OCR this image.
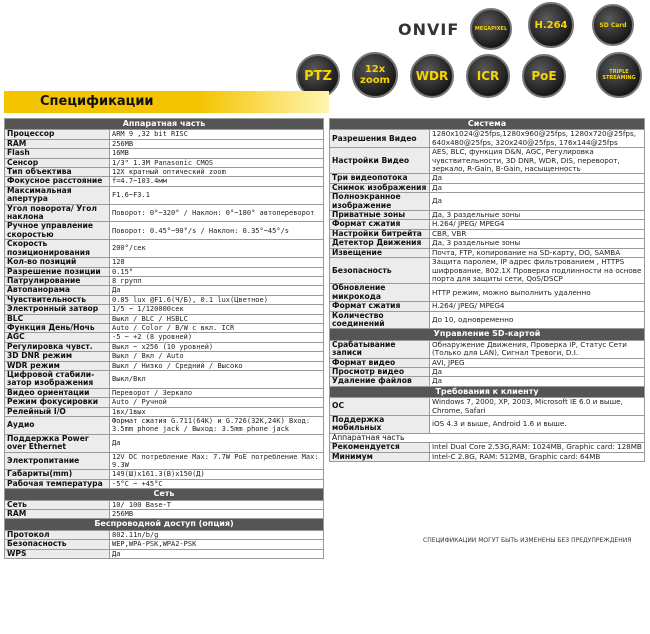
ONVIF	MEGAPIXEL	H.264	SD Card
PTZ	12x zoom	WDR ICR	PoE	TRIPLE STREAMING
Спецификации
Аппаратная часть	
Процессор	ARM 9 ,32 bit RISC
RAM	256MB
Flash	16MB
Сенсор	1/3" 1.3M Panasonic CMOS
Тип объектива	12X кратный оптический zoom
Фокусное расстояние	f=4.7~103.4мм
Максимальная апертура	F1.6~F3.1
Угол поворота/ Угол наклона	Поворот: 0°~320° / Наклон: 0°~180° автопереворот
Ручное управление скоростью	Поворот: 0.45°~90°/s / Наклон: 0.35°~45°/s
Скорость позиционирования	200°/сек
Кол-во позиций	128
Разрешение позиции	0.15°
Патрулирование	8 групп
Автопанорама	Да
Чувствительность	0.05 lux @F1.6(Ч/Б), 0.1 lux(Цветное)
Электронный затвор	1/5 ~ 1/120000сек
BLC	Выкл / BLC / HSBLC
Функция День/Ночь	Auto / Color / В/W с вкл. ICR
AGC	-5 ~ +2 (8 уровней)
Регулировка чувст.	Выкл ~ x256 (10 уровней)
3D DNR режим	Выкл / Вкл / Auto
WDR режим	Выкл / Низко / Средний / Высоко
Цифровой стабили- затор изображения	Выкл/Вкл
Видео ориентации	Переворот / Зеркало
Режим фокусировки	Auto / Ручной
Релейный I/O	1вх/1вых
Аудио	Формат сжатия G.711(64K) и G.726(32K,24K) Вход: 3.5mm phone jack / Выход: 3.5mm phone jack
Поддержка Power over Ethernet	Да
Электропитание	12V DC потребление Max: 7.7W PoE потребление Max: 9.3W
Габариты(mm)	149(Ш)x161.3(В)x150(Д)
Рабочая температура	-5°C ~ +45°C
Сеть	
Сеть	10/ 100 Base-T
RAM	256MB
Беспроводной доступ (опция)	
Протокол	802.11n/b/g
Безопасность	WEP,WPA-PSK,WPA2-PSK
WPS	Да
Система	
Разрешения Видео	1280x1024@25fps,1280x960@25fps, 1280x720@25fps, 640x480@25fps, 320x240@25fps, 176x144@25fps
Настройки Видео	AES, BLC, функция D&N, AGC, Регулировка чувствительности, 3D DNR, WDR, DIS, переворот, зеркало, R-Gain, B-Gain, насыщенность
Три видеопотока	Да
Снимок изображения	Да
Полноэкранное изображение	Да
Приватные зоны	Да, 3 раздельные зоны
Формат сжатия	H.264/ JPEG/ MPEG4
Настройки битрейта	CBR, VBR
Детектор Движения	Да, 3 раздельные зоны
Извещение	Почта, FTP, копирование на SD-карту, DO, SAMBA
Безопасность	Защита паролем, IP адрес фильтрованием , HTTPS шифрование, 802.1X Проверка подлинности на основе порта для защиты сети, QoS/DSCP
Обновление микрокода	HTTP режим, можно выполнить удаленно
Формат сжатия	H.264/ JPEG/ MPEG4
Количество соединений	До 10, одновременно
Управление SD-картой	
Срабатывание записи	Обнаружение Движения, Проверка IP, Статус Сети (Только для LAN), Сигнал Тревоги, D.I.
Формат видео	AVI, JPEG
Просмотр видео	Да
Удаление файлов	Да
Требования к клиенту	
ОС	Windows 7, 2000, XP, 2003, Microsoft IE 6.0 и выше, Chrome, Safari
Поддержка мобильных	iOS 4.3 и выше, Android 1.6 и выше.
Аппаратная часть	
Рекомендуется	Intel Dual Core 2.53G,RAM: 1024MB, Graphic card: 128MB
Минимум	Intel-C 2.8G, RAM: 512MB, Graphic card: 64MB
СПЕЦИФИКАЦИИ МОГУТ БЫТЬ ИЗМЕНЕНЫ БЕЗ ПРЕДУПРЕЖДЕНИЯ
